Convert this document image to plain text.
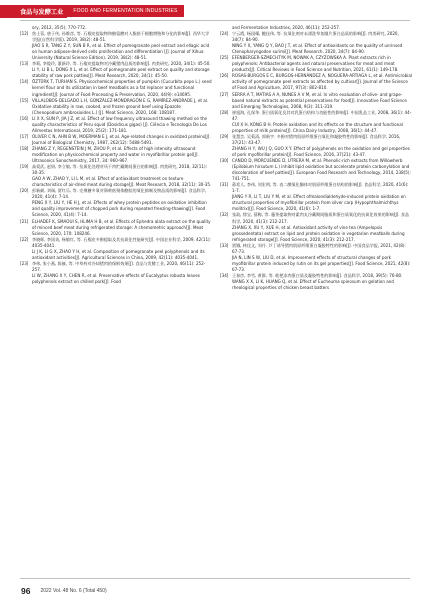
食品与发酵工业	FOOD AND FERMENTATION INDUSTRIES
ory, 2012, 35(5): 770-772.
[12] 焦士蓉, 唐子传, 孙维彦, 等. 石榴皮提取物和酪氨酸对人脂肪干细胞增殖和分化的影响[J]. 西华大学学报(自然科学版), 2019, 38(2): 48-51.
JIAO S R, TANG Z Y, SUN B R, et al. Effect of pomegranate peel extract and ellagic acid on human adipose-derived cells proliferation and differentiation [J]. Journal of Xihua University (Natural Science Edition), 2019, 38(2): 48-51.
[13] 李莉, 李俊玲, 董新玲, 等. 石榴皮提取物对冷藏猪肉品质的影响[J]. 肉类研究, 2020, 34(1): 45-50.
LI Y, LI B L, DONG X L, et al. Effect of pomegranate peel extract on quality and storage stability of raw pork patties[J]. Meat Research, 2020, 34(1): 45-50.
[14] ÖZTÜRK T, TURHAN S. Physicochemical properties of pumpkin (Cucurbita pepo L.) seed kernel flour and its utilization in beef meatballs as a fat replacer and functional ingredient[J]. Journal of Food Processing & Preservation, 2020, 44(9): e14695.
[15] VILLALOBOS-DELGADO L H, GONZÁLEZ-MONDRAGÓN E G, RAMÍREZ-ANDRADE J, et al. Oxidative stability in raw, cooked, and frozen ground beef using Epazote (Chenopodium ambrosioides L.) [J]. Meat Science, 2020, 168: 108187.
[16] LI X X, SUN P, JIA J Z, et al. Effect of low frequency ultrasound thawing method on the quality characteristics of Peru squid (Dosidicus gigas) [J]. Ciência e Tecnologia De Los Alimentos International, 2019, 25(2): 171-181.
[17] OLIVER C N, AHN B W, MOERMAN E J, et al. Age-related changes in oxidized proteins[J]. Journal of Biological Chemistry, 1987, 262(12): 5488-5491.
[18] ZHANG Z Y, REGENSTEIN J M, ZHOU P, et al. Effects of high intensity ultrasound modification on physicochemical property and water in myofibrillar protein gel[J]. Ultrasonics Sonochemistry, 2017, 34: 960-967.
[19] 高爱武, 赵妍, 李立敏, 等. 抗氧化处理对风干肉贮藏期间蛋白的影响[J]. 肉类研究, 2018, 32(11): 30-35.
GAO A W, ZHAO Y, LI L M, et al. Effect of antioxidant treatment on texture characteristics of air-dried meat during storage[J]. Meat Research, 2018, 32(11): 30-35.
[20] 彭新颜, 刘瑞, 贾红乐, 等. 壳聚糖多氧对卵黄低聚体酪肽的氧化抑制及物品质的影响[J]. 食品科学, 2020, 41(4): 7-14.
PENG X Y, LIU Y, HE H J, et al. Effects of whey protein peptides on oxidation inhibition and quality improvement of chopped pork during repeated freezing-thawing[J]. Food Science, 2020, 41(4): 7-14.
[21] ELHADEF K, SMAOUI S, HLIMA H B, et al. Effects of Ephedra alata extract on the quality of minced beef meat during refrigerated storage: A chemometric approach[J]. Meat Science, 2020, 170: 108246.
[22] 李晓晖, 李国英, 杨敏红, 等. 石榴皮多酚提取及其抗氧化性能研究[J]. 中国农业科学, 2009, 42(11): 4035-4041.
LI J K, LI G X, ZHAO Y H, et al. Composition of pomegranate peel polyphenols and its antioxidant activities[J]. Agricultural Sciences in China, 2009, 42(11): 4035-4041.
[23] 李伟, 张小燕, 陈筱, 等. 中草药对冷却猪肉的保鲜效果[J]. 食品与发酵工业, 2020, 46(11): 252-257.
LI W, ZHANG X Y, CHEN R, et al. Preservative effects of Eucalyptus robusta leaves polyphenols extract on chilled pork[J]. Food
and Fermentation Industries, 2020, 46(11): 252-257.
[24] 宁云霞, 杨国耀, 鲍佳伟, 等. 抗氧化剂对未漂洗草鱼糜片蛋白品质的影响[J]. 肉类研究, 2020, 34(7): 84-90.
NING Y X, YANG Q Y, BAO J T, et al. Effect of antioxidants on the quality of unrinsed Ctenopharyngodon surimi[J]. Meat Research, 2020, 34(7): 84-90.
[25] EFENBERGER-SZMECHTYK M, NOWAK A, CZYZOWSKA A. Plant extracts rich in polyphenols: Antibacterial agents and natural preservatives for meat and meat products[J]. Critical Reviews in Food Science and Nutrition, 2021, 61(1): 149-178.
[26] ROSAS-BURGOS E C, BURGOS-HERNÁNDEZ A, NOGUERA-ARTIAGA L, et al. Antimicrobial activity of pomegranate peel extracts as affected by cultivar[J]. Journal of the Science of Food and Agriculture, 2017, 97(3): 802-810.
[27] SERRA A T, MATIAS A A, NUNES A V M, et al. In vitro evaluation of olive- and grape-based natural extracts as potential preservatives for food[J]. Innovative Food Science and Emerging Technologies, 2008, 9(3): 311-319.
[28] 崔旭海, 孔保华. 蛋白质氧化及其对乳蛋白结构与功能性的影响[J]. 中国乳品工业, 2008, 36(1): 44-47.
CUI X H, KONG B H. Protein oxidation and its effects on the structure and functional properties of milk proteins[J]. China Dairy Industry, 2008, 36(1): 44-47.
[29] 张慧芸, 吴菊清, 郭新宇. 多酚对猪肉肌原纤维蛋白氧化和凝胶特性的影响[J]. 食品科学, 2016, 37(21): 43-47.
ZHANG H Y, WU J Q, GUO X Y. Effect of polyphenols on the oxidation and gel properties of pork myofibrillar protein[J]. Food Science, 2016, 37(21): 43-47.
[30] CANDO D, MORCUENDE D, UTRERA M, et al. Phenolic-rich extracts from Willowherb (Epilobium hirsutum L.) inhibit lipid oxidation but accelerate protein carbonylation and discoloration of beef patties[J]. European Food Research and Technology, 2014, 238(5): 741-751.
[31] 蒋希人, 李伟, 刘宏明, 等. 表二酸氧化酶体对肌原纤维蛋白结构的影响[J]. 食品科学, 2020, 41(6): 1-7.
JIANG Y R, LI T, LIU Y M, et al. Effect ofmalondialdehyde-induced protein oxidation on structural properties of myofibrillar protein from silver carp (Hypophthalmichthys molitrix)[J]. Food Science, 2020, 41(6): 1-7.
[32] 张政, 徐宝, 薛梅, 等. 藤茶提取物对素肉丸冷藏期间脂质和蛋白质氧化的抗氧化效果的影响[J]. 食品科学, 2020, 41(3): 212-217.
ZHANG X, XU Y, XUE H, et al. Antioxidant activity of vine tea (Ampelopsis grossedentata) extract on lipid and protein oxidation in vegetarian meatballs during refrigerated storage[J]. Food Science, 2020, 41(3): 212-217.
[33] 贾娜, 林佳文, 刘丹. 芦丁诱导猪肉肌原纤维蛋白凝胶特性的影响[J]. 中国食品学报, 2021, 42(8): 67-73.
JIA N, LIN S W, LIU D, et al. Improvement effects of structural changes of pork myofibrillar protein induced by rutin on its gel properties[J]. Food Science, 2021, 42(8): 67-73.
[34] 王春彦, 李雪, 黄群, 等. 枇杷冻肉蛋白质及凝胶特性的影响[J]. 食品科学, 2018, 39(5): 76-80.
WANG X X, LI K, HUANG Q, et al. Effect of Eucheuma spinosum on gelation and rheological properties of chicken breast batters
96 2022 Vol. 48 No. 6 (Total 450)
